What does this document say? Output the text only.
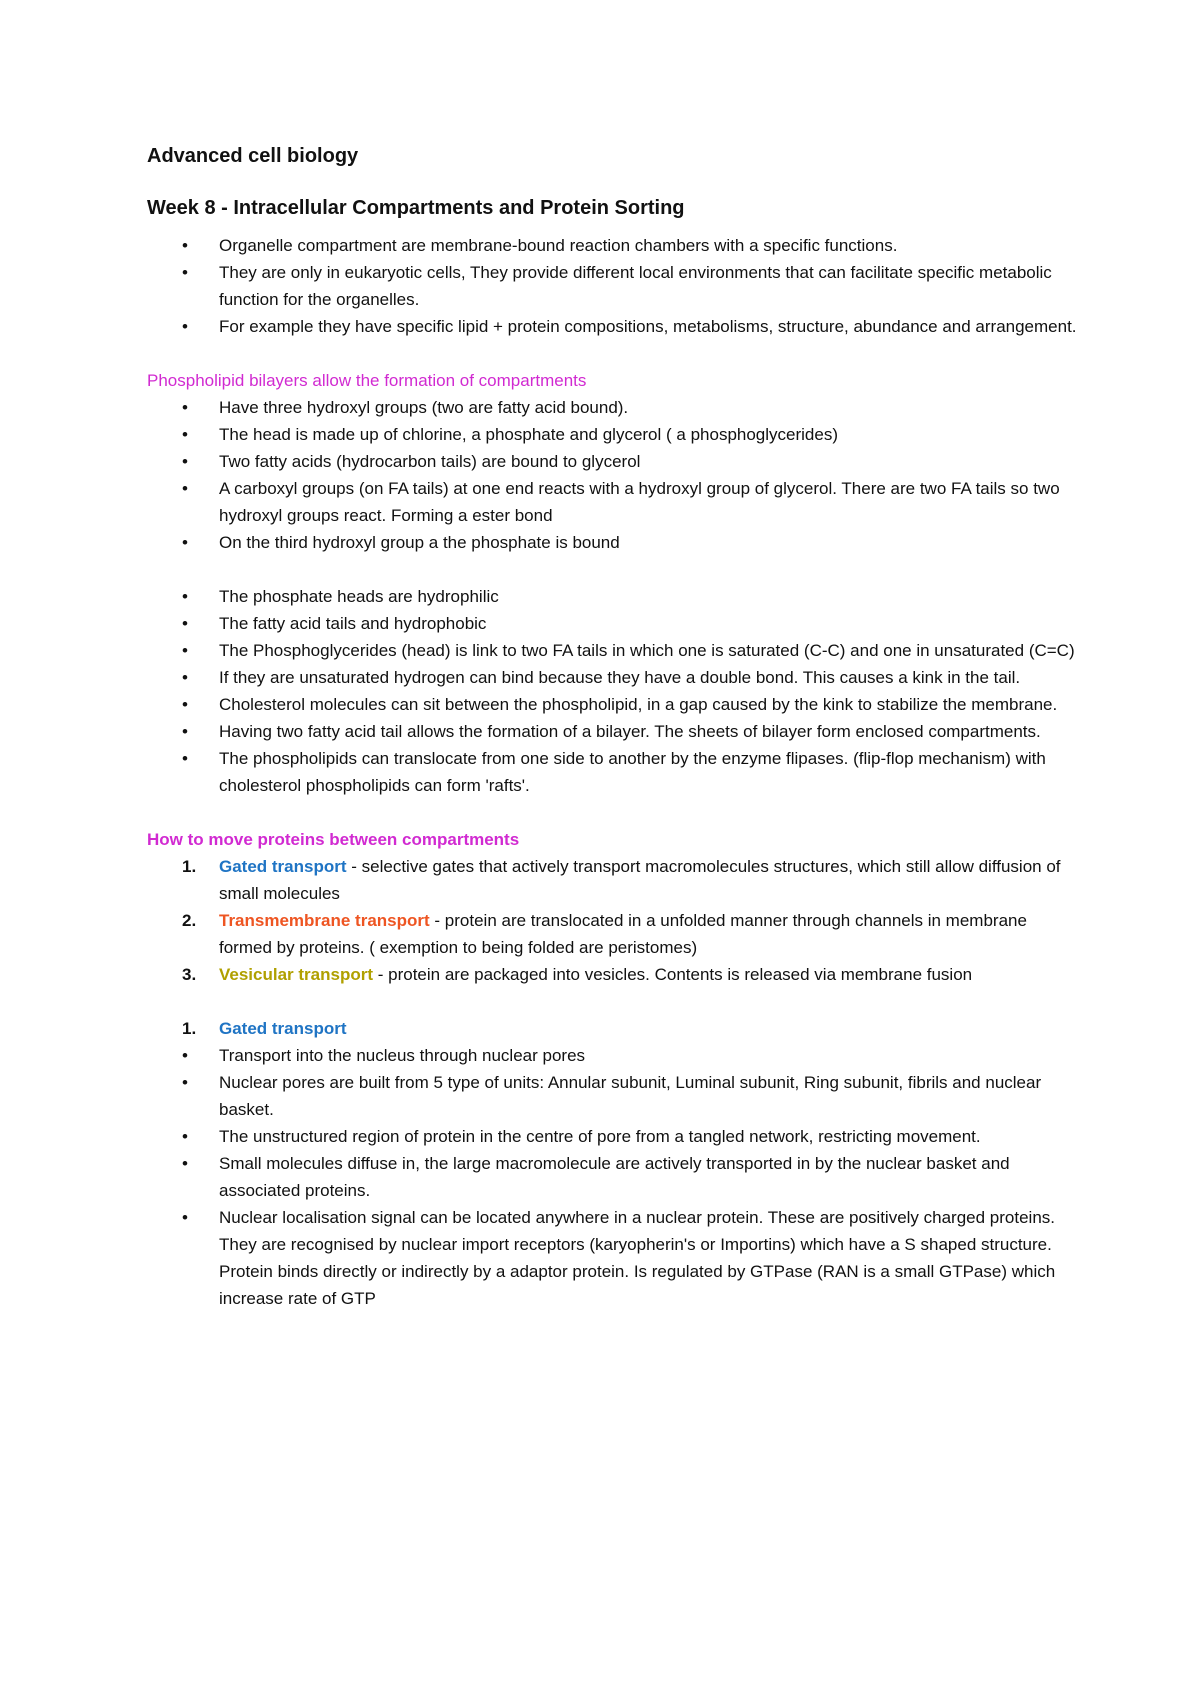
Advanced cell biology
Week 8 - Intracellular Compartments and Protein Sorting
• Organelle compartment are membrane-bound reaction chambers with a specific functions.
• They are only in eukaryotic cells, They provide different local environments that can facilitate specific metabolic function for the organelles.
• For example they have specific lipid + protein compositions, metabolisms, structure, abundance and arrangement.
Phospholipid bilayers allow the formation of compartments
• Have three hydroxyl groups (two are fatty acid bound).
• The head is made up of chlorine, a phosphate and glycerol ( a phosphoglycerides)
• Two fatty acids (hydrocarbon tails) are bound to glycerol
• A carboxyl groups (on FA tails) at one end reacts with a hydroxyl group of glycerol. There are two FA tails so two hydroxyl groups react. Forming a ester bond
• On the third hydroxyl group a the phosphate is bound
• The phosphate heads are hydrophilic
• The fatty acid tails and hydrophobic
• The Phosphoglycerides (head) is link to two FA tails in which one is saturated (C-C) and one in unsaturated (C=C)
• If they are unsaturated hydrogen can bind because they have a double bond. This causes a kink in the tail.
• Cholesterol molecules can sit between the phospholipid, in a gap caused by the kink to stabilize the membrane.
• Having two fatty acid tail allows the formation of a bilayer. The sheets of bilayer form enclosed compartments.
• The phospholipids can translocate from one side to another by the enzyme flipases. (flip-flop mechanism) with cholesterol phospholipids can form 'rafts'.
How to move proteins between compartments
1. Gated transport - selective gates that actively transport macromolecules structures, which still allow diffusion of small molecules
2. Transmembrane transport - protein are translocated in a unfolded manner through channels in membrane formed by proteins. ( exemption to being folded are peristomes)
3. Vesicular transport - protein are packaged into vesicles. Contents is released via membrane fusion
1. Gated transport
• Transport into the nucleus through nuclear pores
• Nuclear pores are built from 5 type of units: Annular subunit, Luminal subunit, Ring subunit, fibrils and nuclear basket.
• The unstructured region of protein in the centre of pore from a tangled network, restricting movement.
• Small molecules diffuse in, the large macromolecule are actively transported in by the nuclear basket and associated proteins.
• Nuclear localisation signal can be located anywhere in a nuclear protein. These are positively charged proteins. They are recognised by nuclear import receptors (karyopherin's or Importins) which have a S shaped structure. Protein binds directly or indirectly by a adaptor protein. Is regulated by GTPase (RAN is a small GTPase) which increase rate of GTP
